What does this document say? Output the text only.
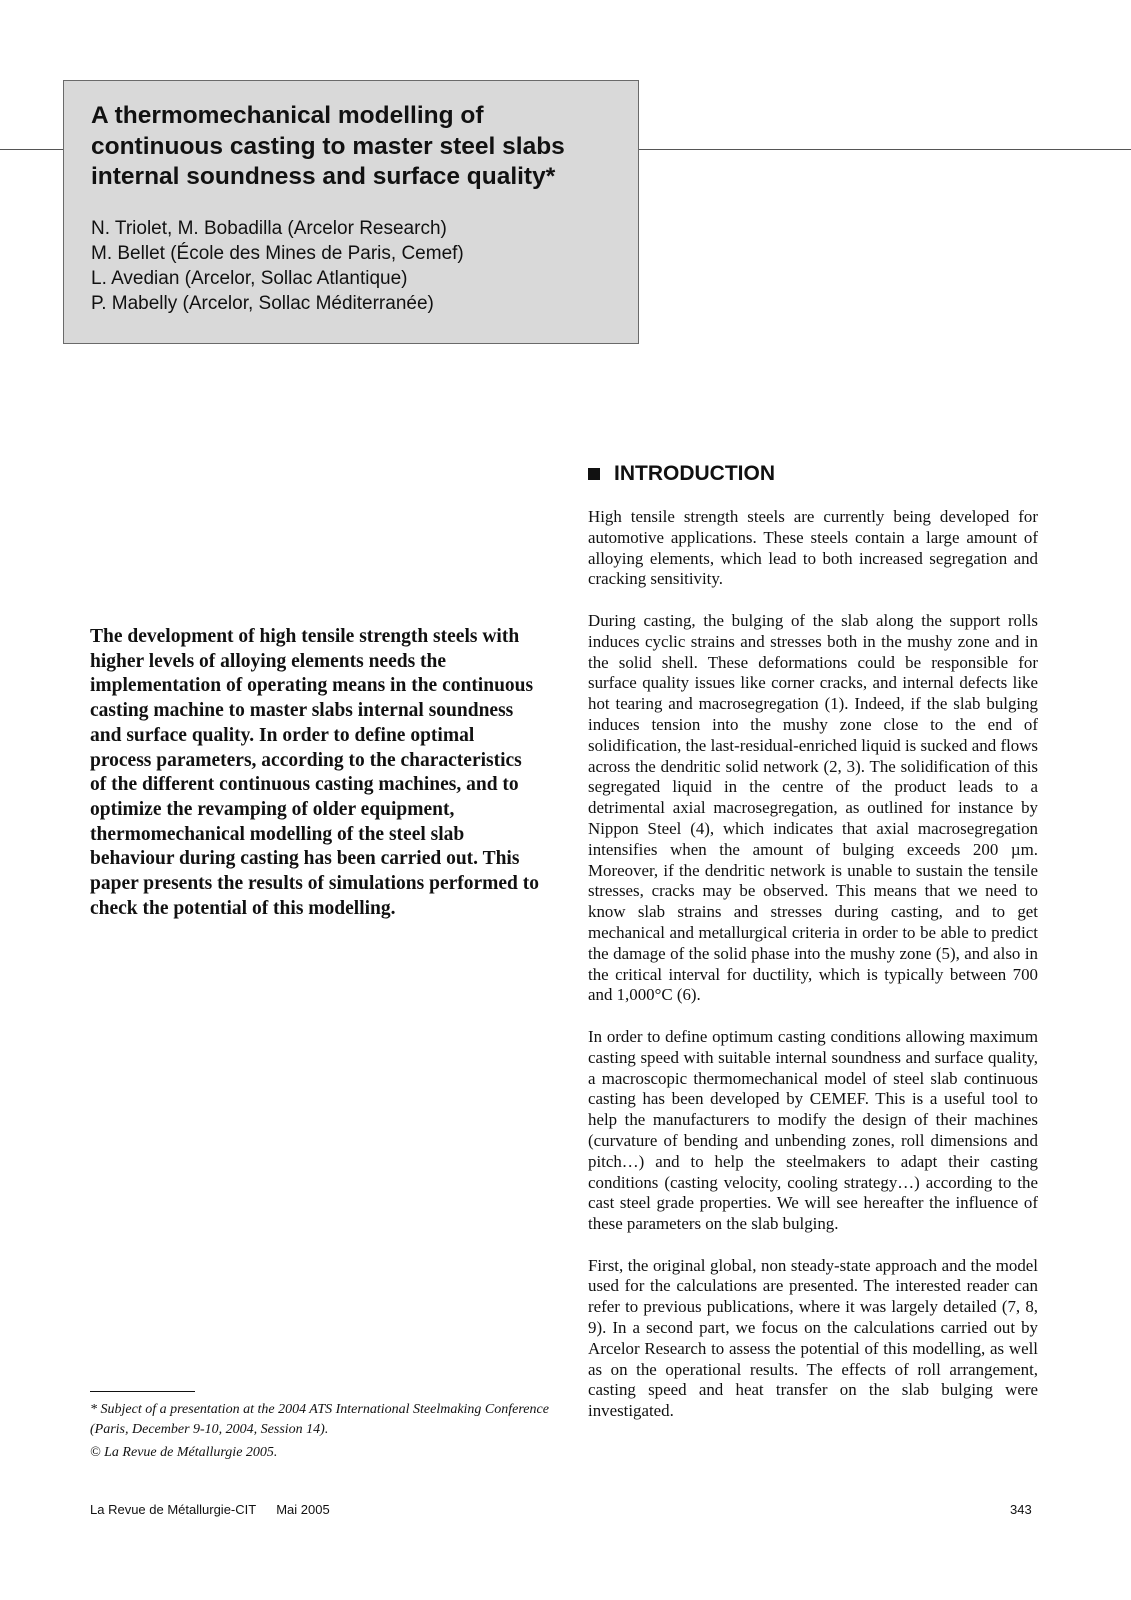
A thermomechanical modelling of continuous casting to master steel slabs internal soundness and surface quality*
N. Triolet, M. Bobadilla (Arcelor Research)
M. Bellet (École des Mines de Paris, Cemef)
L. Avedian (Arcelor, Sollac Atlantique)
P. Mabelly (Arcelor, Sollac Méditerranée)

The development of high tensile strength steels with higher levels of alloying elements needs the implementation of operating means in the continuous casting machine to master slabs internal soundness and surface quality. In order to define optimal process parameters, according to the characteristics of the different continuous casting machines, and to optimize the revamping of older equipment, thermomechanical modelling of the steel slab behaviour during casting has been carried out. This paper presents the results of simulations performed to check the potential of this modelling.

INTRODUCTION

High tensile strength steels are currently being developed for automotive applications. These steels contain a large amount of alloying elements, which lead to both increased segregation and cracking sensitivity.

During casting, the bulging of the slab along the support rolls induces cyclic strains and stresses both in the mushy zone and in the solid shell. These deformations could be responsible for surface quality issues like corner cracks, and internal defects like hot tearing and macrosegregation (1). Indeed, if the slab bulging induces tension into the mushy zone close to the end of solidification, the last-residual-enriched liquid is sucked and flows across the dendritic solid network (2, 3). The solidification of this segregated liquid in the centre of the product leads to a detrimental axial macrosegregation, as outlined for instance by Nippon Steel (4), which indicates that axial macrosegregation intensifies when the amount of bulging exceeds 200 µm. Moreover, if the dendritic network is unable to sustain the tensile stresses, cracks may be observed. This means that we need to know slab strains and stresses during casting, and to get mechanical and metallurgical criteria in order to be able to predict the damage of the solid phase into the mushy zone (5), and also in the critical interval for ductility, which is typically between 700 and 1,000°C (6).

In order to define optimum casting conditions allowing maximum casting speed with suitable internal soundness and surface quality, a macroscopic thermomechanical model of steel slab continuous casting has been developed by CEMEF. This is a useful tool to help the manufacturers to modify the design of their machines (curvature of bending and unbending zones, roll dimensions and pitch…) and to help the steelmakers to adapt their casting conditions (casting velocity, cooling strategy…) according to the cast steel grade properties. We will see hereafter the influence of these parameters on the slab bulging.

First, the original global, non steady-state approach and the model used for the calculations are presented. The interested reader can refer to previous publications, where it was largely detailed (7, 8, 9). In a second part, we focus on the calculations carried out by Arcelor Research to assess the potential of this modelling, as well as on the operational results. The effects of roll arrangement, casting speed and heat transfer on the slab bulging were investigated.

* Subject of a presentation at the 2004 ATS International Steelmaking Conference (Paris, December 9-10, 2004, Session 14).

© La Revue de Métallurgie 2005.

La Revue de Métallurgie-CIT Mai 2005	343
